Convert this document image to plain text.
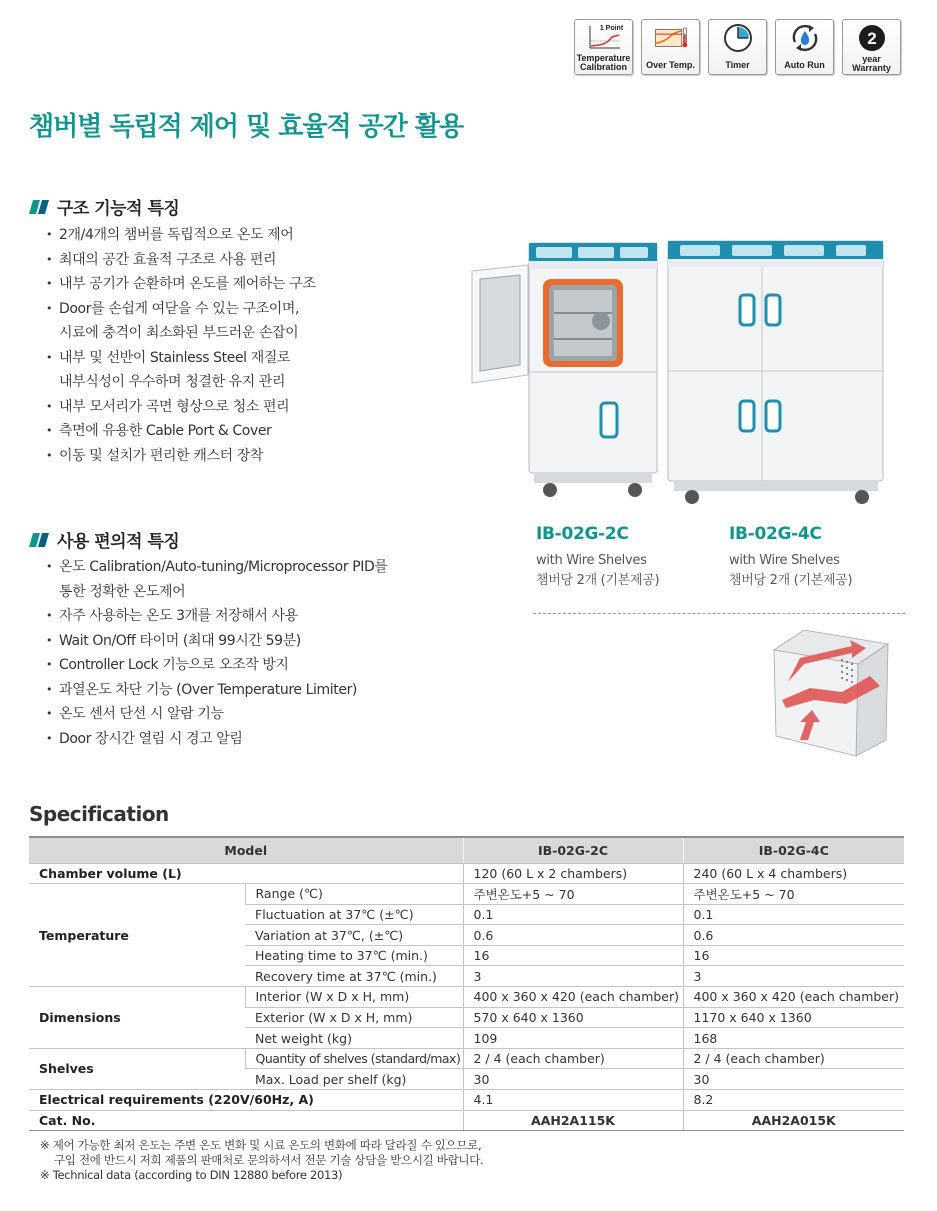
1 Point
Temperature
Calibration	Over Temp.	Timer	Auto Run
2
year
Warranty
챔버별 독립적 제어 및 효율적 공간 활용
구조 기능적 특징
• 2개/4개의 챔버를 독립적으로 온도 제어
• 최대의 공간 효율적 구조로 사용 편리
• 내부 공기가 순환하며 온도를 제어하는 구조
• Door를 손쉽게 여닫을 수 있는 구조이며,
시료에 충격이 최소화된 부드러운 손잡이
• 내부 및 선반이 Stainless Steel 재질로
내부식성이 우수하며 청결한 유지 관리
• 내부 모서리가 곡면 형상으로 청소 편리
• 측면에 유용한 Cable Port & Cover
• 이동 및 설치가 편리한 캐스터 장착
사용 편의적 특징
• 온도 Calibration/Auto-tuning/Microprocessor PID를
통한 정확한 온도제어
• 자주 사용하는 온도 3개를 저장해서 사용
• Wait On/Off 타이머 (최대 99시간 59분)
• Controller Lock 기능으로 오조작 방지
• 과열온도 차단 기능 (Over Temperature Limiter)
• 온도 센서 단선 시 알람 기능
• Door 장시간 열림 시 경고 알림
IB-02G-2C
with Wire Shelves
챔버당 2개 (기본제공)
IB-02G-4C
with Wire Shelves
챔버당 2개 (기본제공)
Specification
Model		IB-02G-2C	IB-02G-4C
Chamber volume (L)		120 (60 L x 2 chambers)	240 (60 L x 4 chambers)
Temperature	Range (℃)	주변온도+5 ~ 70	주변온도+5 ~ 70
	Fluctuation at 37℃ (±℃)	0.1	0.1
	Variation at 37℃, (±℃)	0.6	0.6
	Heating time to 37℃ (min.)	16	16
	Recovery time at 37℃ (min.)	3	3
Dimensions	Interior (W x D x H, mm)	400 x 360 x 420 (each chamber)	400 x 360 x 420 (each chamber)
	Exterior (W x D x H, mm)	570 x 640 x 1360	1170 x 640 x 1360
	Net weight (kg)	109	168
Shelves	Quantity of shelves (standard/max)	2 / 4 (each chamber)	2 / 4 (each chamber)
	Max. Load per shelf (kg)	30	30
Electrical requirements (220V/60Hz, A)		4.1	8.2
Cat. No.		AAH2A115K	AAH2A015K
※ 제어 가능한 최저 온도는 주변 온도 변화 및 시료 온도의 변화에 따라 달라질 수 있으므로,
구입 전에 반드시 저희 제품의 판매처로 문의하셔서 전문 기술 상담을 받으시길 바랍니다.
※ Technical data (according to DIN 12880 before 2013)
